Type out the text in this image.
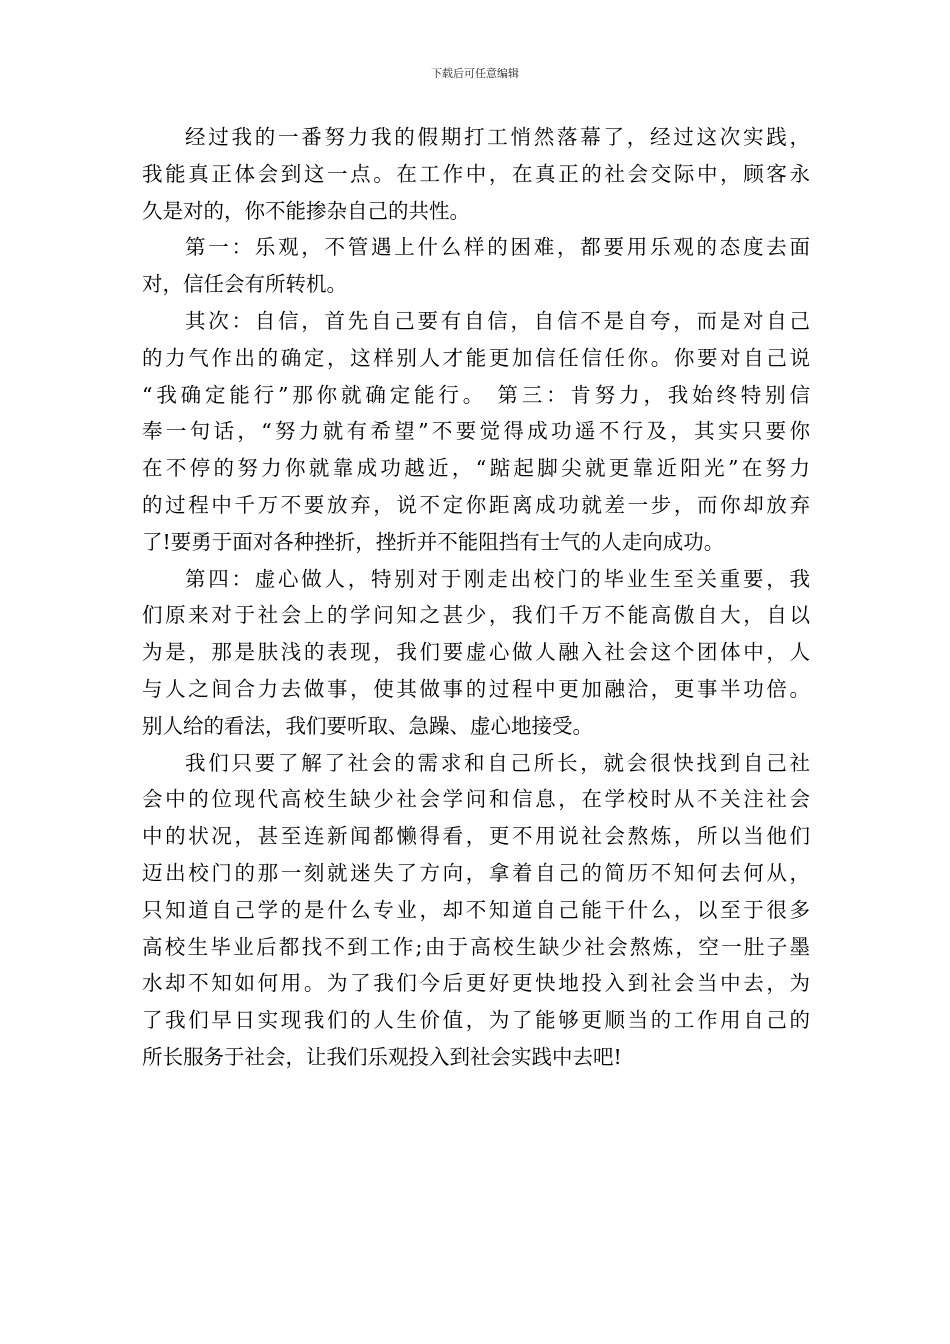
下载后可任意编辑
经过我的一番努力我的假期打工悄然落幕了，经过这次实践，
我能真正体会到这一点。在工作中，在真正的社会交际中，顾客永
久是对的，你不能掺杂自己的共性。
第一：乐观，不管遇上什么样的困难，都要用乐观的态度去面
对，信任会有所转机。
其次：自信，首先自己要有自信，自信不是自夸，而是对自己
的力气作出的确定，这样别人才能更加信任信任你。你要对自己说
“我确定能行”那你就确定能行。 第三：肯努力，我始终特别信
奉一句话，“努力就有希望”不要觉得成功遥不行及，其实只要你
在不停的努力你就靠成功越近，“踮起脚尖就更靠近阳光”在努力
的过程中千万不要放弃，说不定你距离成功就差一步，而你却放弃
了!要勇于面对各种挫折，挫折并不能阻挡有士气的人走向成功。
第四：虚心做人，特别对于刚走出校门的毕业生至关重要，我
们原来对于社会上的学问知之甚少，我们千万不能高傲自大，自以
为是，那是肤浅的表现，我们要虚心做人融入社会这个团体中，人
与人之间合力去做事，使其做事的过程中更加融洽，更事半功倍。
别人给的看法，我们要听取、急躁、虚心地接受。
我们只要了解了社会的需求和自己所长，就会很快找到自己社
会中的位现代高校生缺少社会学问和信息，在学校时从不关注社会
中的状况，甚至连新闻都懒得看，更不用说社会熬炼，所以当他们
迈出校门的那一刻就迷失了方向，拿着自己的简历不知何去何从，
只知道自己学的是什么专业，却不知道自己能干什么，以至于很多
高校生毕业后都找不到工作;由于高校生缺少社会熬炼，空一肚子墨
水却不知如何用。为了我们今后更好更快地投入到社会当中去，为
了我们早日实现我们的人生价值，为了能够更顺当的工作用自己的
所长服务于社会，让我们乐观投入到社会实践中去吧!
